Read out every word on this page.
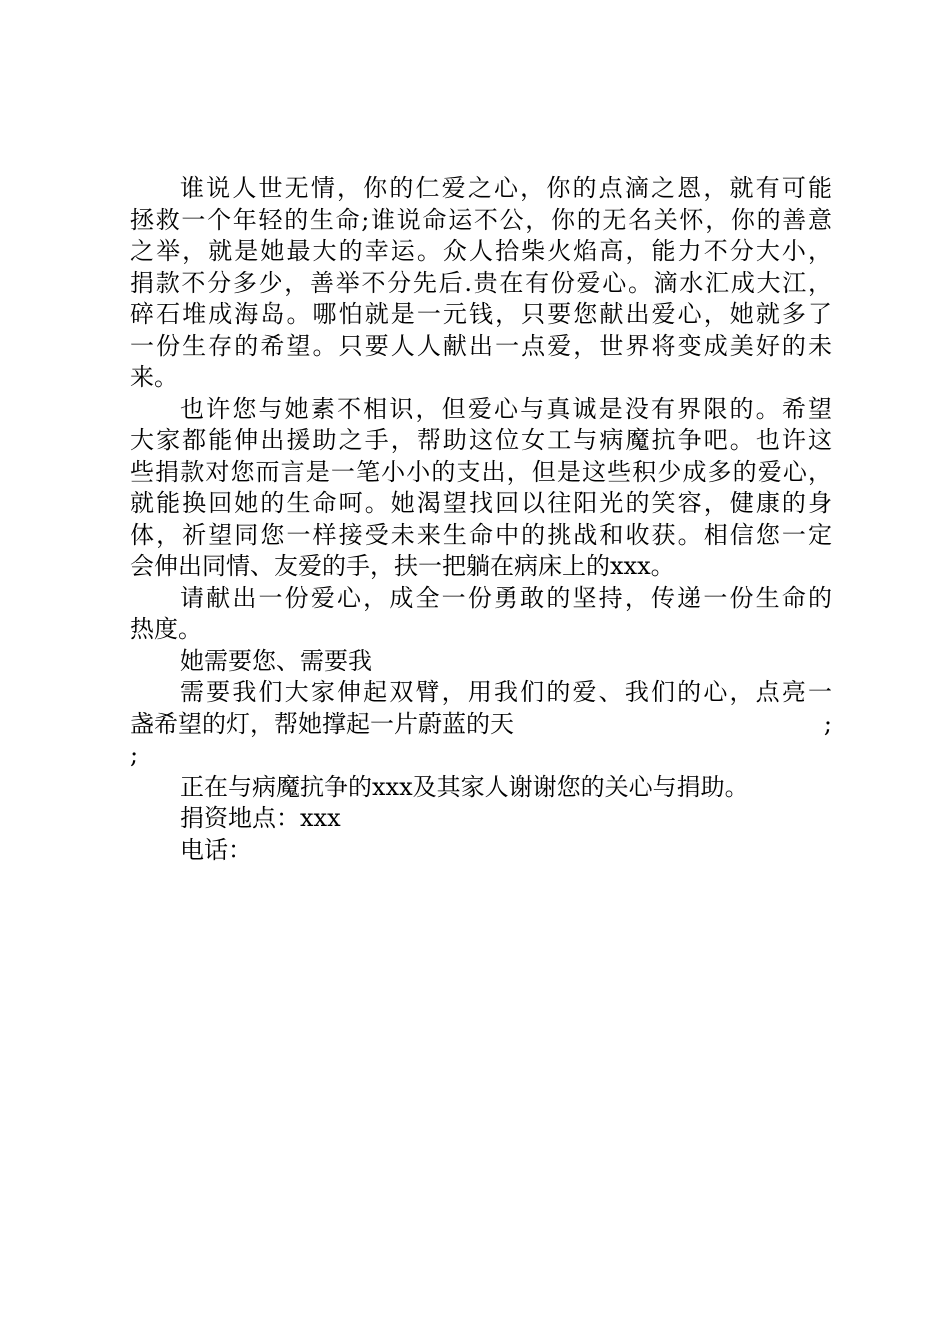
谁说人世无情，你的仁爱之心，你的点滴之恩，就有可能
拯救一个年轻的生命;谁说命运不公，你的无名关怀，你的善意
之举，就是她最大的幸运。众人拾柴火焰高，能力不分大小，
捐款不分多少，善举不分先后.贵在有份爱心。滴水汇成大江，
碎石堆成海岛。哪怕就是一元钱，只要您献出爱心，她就多了
一份生存的希望。只要人人献出一点爱，世界将变成美好的未
来。
也许您与她素不相识，但爱心与真诚是没有界限的。希望
大家都能伸出援助之手，帮助这位女工与病魔抗争吧。也许这
些捐款对您而言是一笔小小的支出，但是这些积少成多的爱心，
就能换回她的生命呵。她渴望找回以往阳光的笑容，健康的身
体，祈望同您一样接受未来生命中的挑战和收获。相信您一定
会伸出同情、友爱的手，扶一把躺在病床上的xxx。
请献出一份爱心，成全一份勇敢的坚持，传递一份生命的
热度。
她需要您、需要我
需要我们大家伸起双臂，用我们的爱、我们的心，点亮一
盏希望的灯，帮她撑起一片蔚蓝的天	;
;
正在与病魔抗争的xxx及其家人谢谢您的关心与捐助。
捐资地点：xxx
电话：
